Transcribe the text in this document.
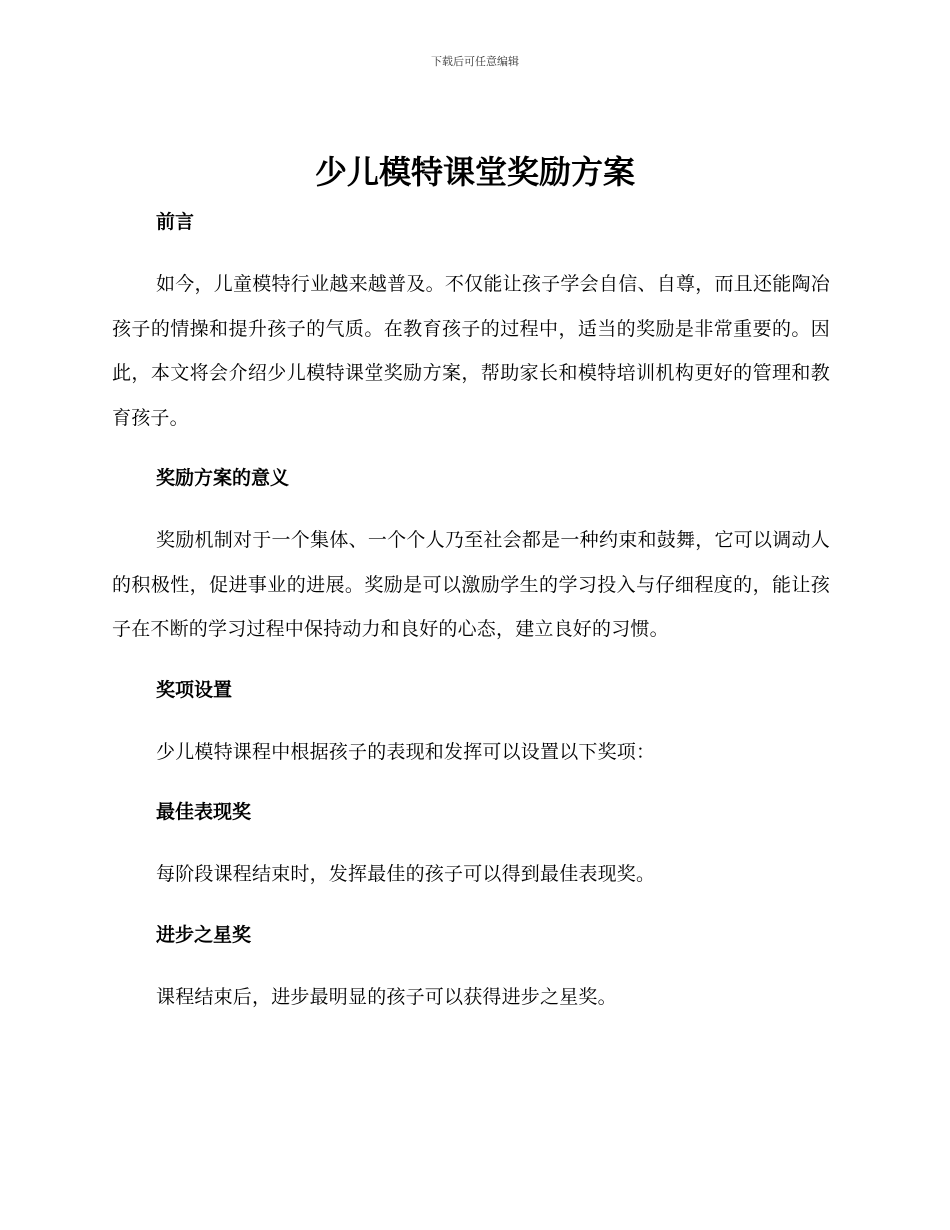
下载后可任意编辑
少儿模特课堂奖励方案
前言

如今，儿童模特行业越来越普及。不仅能让孩子学会自信、自尊，而且还能陶冶孩子的情操和提升孩子的气质。在教育孩子的过程中，适当的奖励是非常重要的。因此，本文将会介绍少儿模特课堂奖励方案，帮助家长和模特培训机构更好的管理和教育孩子。

奖励方案的意义

奖励机制对于一个集体、一个个人乃至社会都是一种约束和鼓舞，它可以调动人的积极性，促进事业的进展。奖励是可以激励学生的学习投入与仔细程度的，能让孩子在不断的学习过程中保持动力和良好的心态，建立良好的习惯。

奖项设置

少儿模特课程中根据孩子的表现和发挥可以设置以下奖项：

最佳表现奖

每阶段课程结束时，发挥最佳的孩子可以得到最佳表现奖。

进步之星奖

课程结束后，进步最明显的孩子可以获得进步之星奖。
